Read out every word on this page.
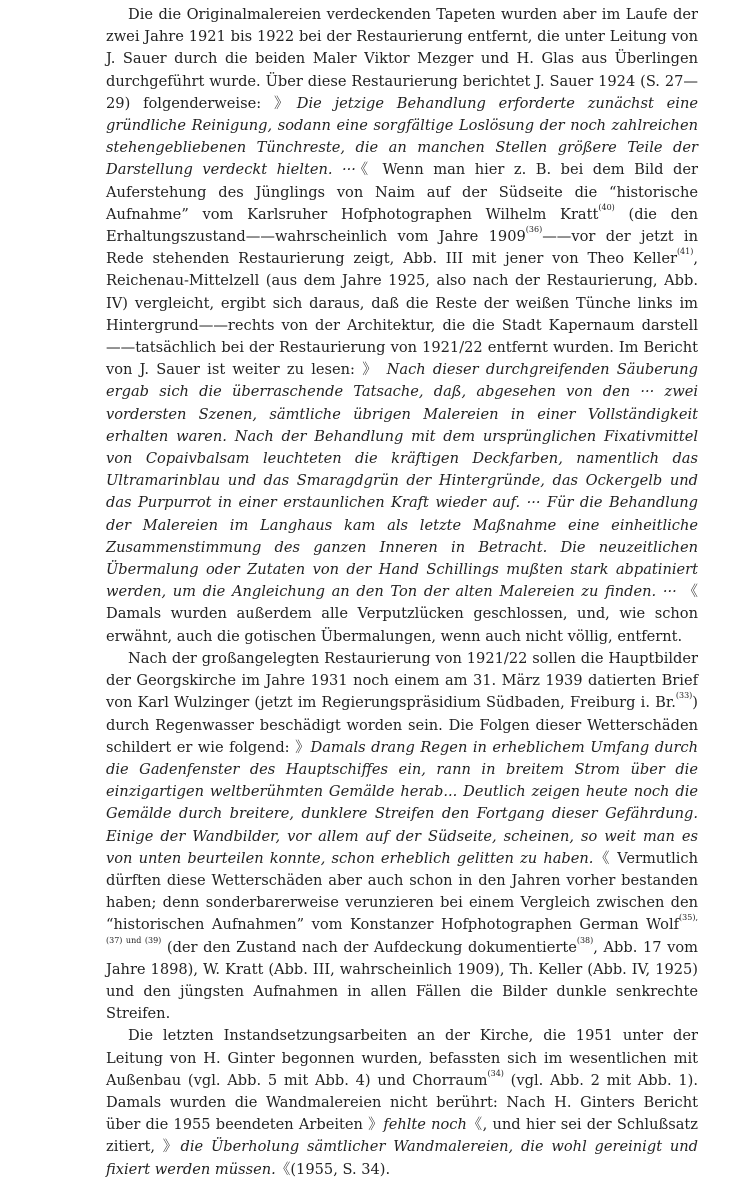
Die die Originalmalereien verdeckenden Tapeten wurden aber im Laufe der zwei Jahre 1921 bis 1922 bei der Restaurierung entfernt, die unter Leitung von J. Sauer durch die beiden Maler Viktor Mezger und H. Glas aus Überlingen durchgeführt wurde. Über diese Restaurierung berichtet J. Sauer 1924 (S. 27—29) folgenderweise: 》Die jetzige Behandlung erforderte zunächst eine gründliche Reinigung, sodann eine sorgfältige Loslösung der noch zahlreichen stehengebliebenen Tünchreste, die an manchen Stellen größere Teile der Darstellung verdeckt hielten. ···《 Wenn man hier z. B. bei dem Bild der Auferstehung des Jünglings von Naim auf der Südseite die “historische Aufnahme” vom Karlsruher Hofphotographen Wilhelm Kratt$^{(40)}$ (die den Erhaltungszustand——wahrscheinlich vom Jahre 1909$^{(36)}$——vor der jetzt in Rede stehenden Restaurierung zeigt, Abb. III mit jener von Theo Keller$^{(41)}$, Reichenau-Mittelzell (aus dem Jahre 1925, also nach der Restaurierung, Abb. IV) vergleicht, ergibt sich daraus, daß die Reste der weißen Tünche links im Hintergrund——rechts von der Architektur, die die Stadt Kapernaum darstell——tatsächlich bei der Restaurierung von 1921/22 entfernt wurden. Im Bericht von J. Sauer ist weiter zu lesen: 》 Nach dieser durchgreifenden Säuberung ergab sich die überraschende Tatsache, daß, abgesehen von den ··· zwei vordersten Szenen, sämtliche übrigen Malereien in einer Vollständigkeit erhalten waren. Nach der Behandlung mit dem ursprünglichen Fixativmittel von Copaivbalsam leuchteten die kräftigen Deckfarben, namentlich das Ultramarinblau und das Smaragdgrün der Hintergründe, das Ockergelb und das Purpurrot in einer erstaunlichen Kraft wieder auf. ··· Für die Behandlung der Malereien im Langhaus kam als letzte Maßnahme eine einheitliche Zusammenstimmung des ganzen Inneren in Betracht. Die neuzeitlichen Übermalung oder Zutaten von der Hand Schillings mußten stark abpatiniert werden, um die Angleichung an den Ton der alten Malereien zu finden. ··· 《 Damals wurden außerdem alle Verputzlücken geschlossen, und, wie schon erwähnt, auch die gotischen Übermalungen, wenn auch nicht völlig, entfernt.

Nach der großangelegten Restaurierung von 1921/22 sollen die Hauptbilder der Georgskirche im Jahre 1931 noch einem am 31. März 1939 datierten Brief von Karl Wulzinger (jetzt im Regierungspräsidium Südbaden, Freiburg i. Br.$^{(33)}$) durch Regenwasser beschädigt worden sein. Die Folgen dieser Wetterschäden schildert er wie folgend: 》Damals drang Regen in erheblichem Umfang durch die Gadenfenster des Hauptschiffes ein, rann in breitem Strom über die einzigartigen weltberühmten Gemälde herab... Deutlich zeigen heute noch die Gemälde durch breitere, dunklere Streifen den Fortgang dieser Gefährdung. Einige der Wandbilder, vor allem auf der Südseite, scheinen, so weit man es von unten beurteilen konnte, schon erheblich gelitten zu haben.《 Vermutlich dürften diese Wetterschäden aber auch schon in den Jahren vorher bestanden haben; denn sonderbarerweise verunzieren bei einem Vergleich zwischen den “historischen Aufnahmen” vom Konstanzer Hofphotographen German Wolf$^{(35), (37) und (39)}$ (der den Zustand nach der Aufdeckung dokumentierte$^{(38)}$, Abb. 17 vom Jahre 1898), W. Kratt (Abb. III, wahrscheinlich 1909), Th. Keller (Abb. IV, 1925) und den jüngsten Aufnahmen in allen Fällen die Bilder dunkle senkrechte Streifen.

Die letzten Instandsetzungsarbeiten an der Kirche, die 1951 unter der Leitung von H. Ginter begonnen wurden, befassten sich im wesentlichen mit Außenbau (vgl. Abb. 5 mit Abb. 4) und Chorraum$^{(34)}$ (vgl. Abb. 2 mit Abb. 1). Damals wurden die Wandmalereien nicht berührt: Nach H. Ginters Bericht über die 1955 beendeten Arbeiten 》fehlte noch《, und hier sei der Schlußsatz zitiert, 》die Überholung sämtlicher Wandmalereien, die wohl gereinigt und fixiert werden müssen.《(1955, S. 34).
